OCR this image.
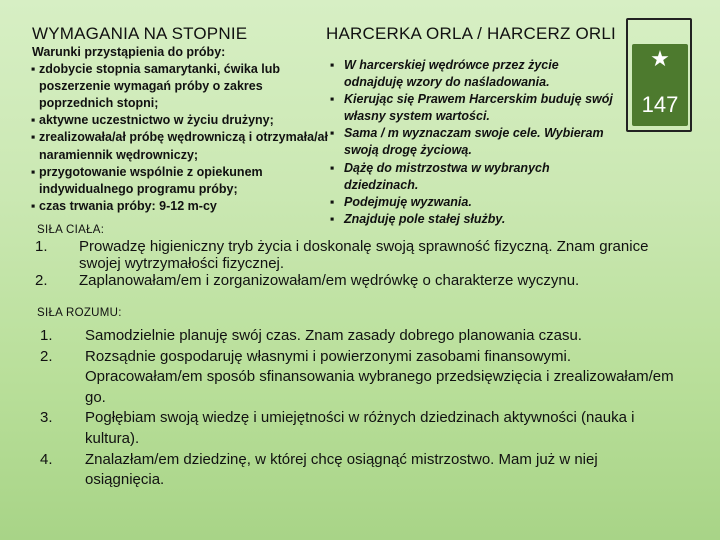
WYMAGANIA NA STOPNIE	HARCERKA ORLA / HARCERZ ORLI
★
147
Warunki przystąpienia do próby:
▪ zdobycie stopnia samarytanki, ćwika lub poszerzenie wymagań próby o zakres poprzednich stopni;
▪ aktywne uczestnictwo w życiu drużyny;
▪ zrealizowała/ał próbę wędrowniczą i otrzymała/ał naramiennik wędrowniczy;
▪ przygotowanie wspólnie z opiekunem indywidualnego programu próby;
▪ czas trwania próby: 9-12 m-cy
▪ W harcerskiej wędrówce przez życie odnajduję wzory do naśladowania.
▪ Kierując się Prawem Harcerskim buduję swój własny system wartości.
▪ Sama / m wyznaczam swoje cele. Wybieram swoją drogę życiową.
▪ Dążę do mistrzostwa w wybranych dziedzinach.
▪ Podejmuję wyzwania.
▪ Znajduję pole stałej służby.
SIŁA CIAŁA:
1. Prowadzę higieniczny tryb życia i doskonalę swoją sprawność fizyczną. Znam granice swojej wytrzymałości fizycznej.
2. Zaplanowałam/em i zorganizowałam/em wędrówkę o charakterze wyczynu.
SIŁA ROZUMU:
1. Samodzielnie planuję swój czas. Znam zasady dobrego planowania czasu.
2. Rozsądnie gospodaruję własnymi i powierzonymi zasobami finansowymi. Opracowałam/em sposób sfinansowania wybranego przedsięwzięcia i zrealizowałam/em go.
3. Pogłębiam swoją wiedzę i umiejętności w różnych dziedzinach aktywności (nauka i kultura).
4. Znalazłam/em dziedzinę, w której chcę osiągnąć mistrzostwo. Mam już w niej osiągnięcia.
